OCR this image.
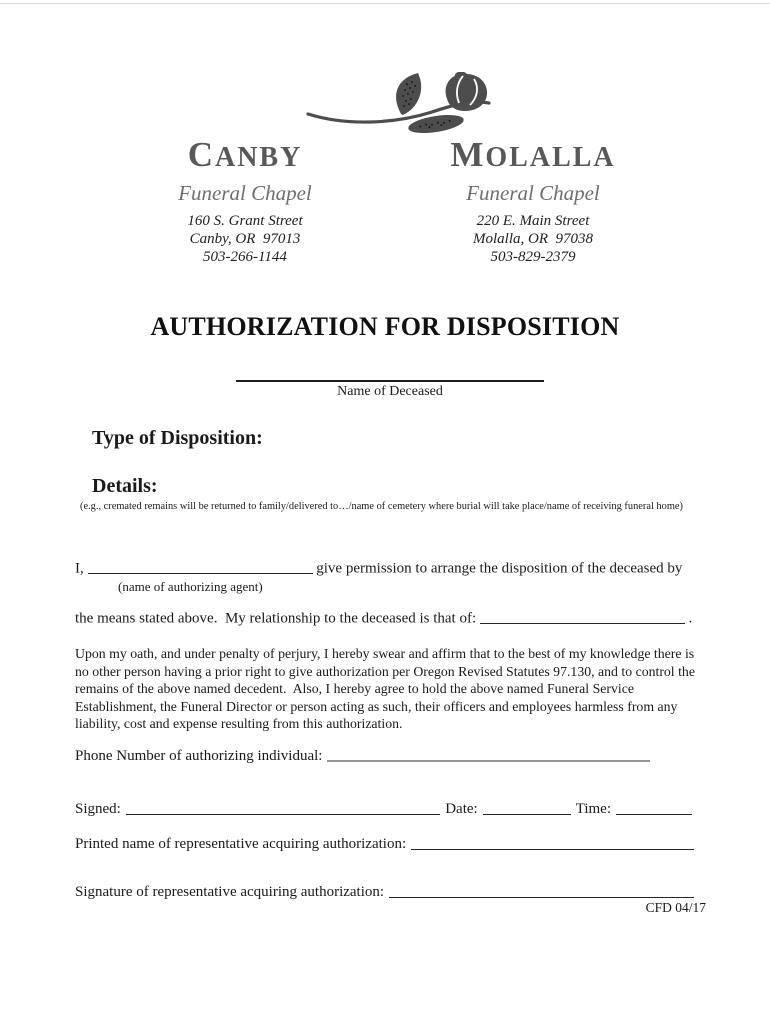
CANBY
Funeral Chapel
160 S. Grant Street
Canby, OR  97013
503-266-1144
MOLALLA
Funeral Chapel
220 E. Main Street
Molalla, OR  97038
503-829-2379
AUTHORIZATION FOR DISPOSITION
Name of Deceased
Type of Disposition:
Details:
(e.g., cremated remains will be returned to family/delivered to…/name of cemetery where burial will take place/name of receiving funeral home)
I,	give permission to arrange the disposition of the deceased by
(name of authorizing agent)
the means stated above.  My relationship to the deceased is that of:	.
Upon my oath, and under penalty of perjury, I hereby swear and affirm that to the best of my knowledge there is
no other person having a prior right to give authorization per Oregon Revised Statutes 97.130, and to control the
remains of the above named decedent.  Also, I hereby agree to hold the above named Funeral Service
Establishment, the Funeral Director or person acting as such, their officers and employees harmless from any
liability, cost and expense resulting from this authorization.
Phone Number of authorizing individual:
Signed:	Date:	Time:
Printed name of representative acquiring authorization:
Signature of representative acquiring authorization:
CFD 04/17
